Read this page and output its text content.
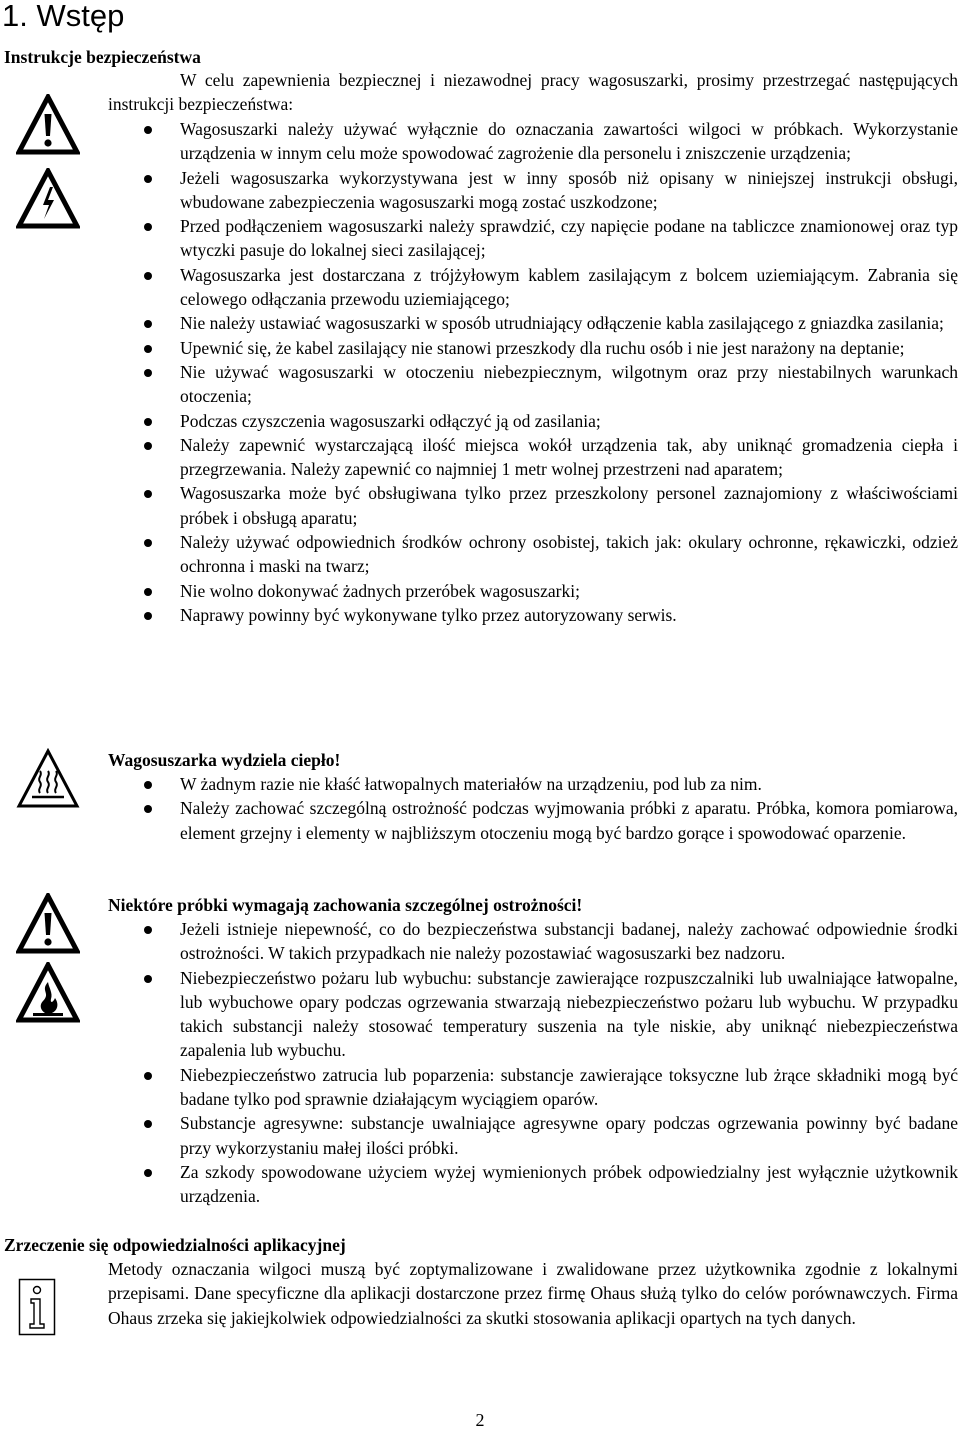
1. Wstęp
Instrukcje bezpieczeństwa

W celu zapewnienia bezpiecznej i niezawodnej pracy wagosuszarki, prosimy przestrzegać następujących instrukcji bezpieczeństwa:

Wagosuszarki należy używać wyłącznie do oznaczania zawartości wilgoci w próbkach. Wykorzystanie urządzenia w innym celu może spowodować zagrożenie dla personelu i zniszczenie urządzenia;
Jeżeli wagosuszarka wykorzystywana jest w inny sposób niż opisany w niniejszej instrukcji obsługi, wbudowane zabezpieczenia wagosuszarki mogą zostać uszkodzone;
Przed podłączeniem wagosuszarki należy sprawdzić, czy napięcie podane na tabliczce znamionowej oraz typ wtyczki pasuje do lokalnej sieci zasilającej;
Wagosuszarka jest dostarczana z trójżyłowym kablem zasilającym z bolcem uziemiającym. Zabrania się celowego odłączania przewodu uziemiającego;
Nie należy ustawiać wagosuszarki w sposób utrudniający odłączenie kabla zasilającego z gniazdka zasilania;
Upewnić się, że kabel zasilający nie stanowi przeszkody dla ruchu osób i nie jest narażony na deptanie;
Nie używać wagosuszarki w otoczeniu niebezpiecznym, wilgotnym oraz przy niestabilnych warunkach otoczenia;
Podczas czyszczenia wagosuszarki odłączyć ją od zasilania;
Należy zapewnić wystarczającą ilość miejsca wokół urządzenia tak, aby uniknąć gromadzenia ciepła i przegrzewania. Należy zapewnić co najmniej 1 metr wolnej przestrzeni nad aparatem;
Wagosuszarka może być obsługiwana tylko przez przeszkolony personel zaznajomiony z właściwościami próbek i obsługą aparatu;
Należy używać odpowiednich środków ochrony osobistej, takich jak: okulary ochronne, rękawiczki, odzież ochronna i maski na twarz;
Nie wolno dokonywać żadnych przeróbek wagosuszarki;
Naprawy powinny być wykonywane tylko przez autoryzowany serwis.
Wagosuszarka wydziela ciepło!
W żadnym razie nie kłaść łatwopalnych materiałów na urządzeniu, pod lub za nim.
Należy zachować szczególną ostrożność podczas wyjmowania próbki z aparatu. Próbka, komora pomiarowa, element grzejny i elementy w najbliższym otoczeniu mogą być bardzo gorące i spowodować oparzenie.
Niektóre próbki wymagają zachowania szczególnej ostrożności!
Jeżeli istnieje niepewność, co do bezpieczeństwa substancji badanej, należy zachować odpowiednie środki ostrożności. W takich przypadkach nie należy pozostawiać wagosuszarki bez nadzoru.
Niebezpieczeństwo pożaru lub wybuchu: substancje zawierające rozpuszczalniki lub uwalniające łatwopalne, lub wybuchowe opary podczas ogrzewania stwarzają niebezpieczeństwo pożaru lub wybuchu. W przypadku takich substancji należy stosować temperatury suszenia na tyle niskie, aby uniknąć niebezpieczeństwa zapalenia lub wybuchu.
Niebezpieczeństwo zatrucia lub poparzenia: substancje zawierające toksyczne lub żrące składniki mogą być badane tylko pod sprawnie działającym wyciągiem oparów.
Substancje agresywne: substancje uwalniające agresywne opary podczas ogrzewania powinny być badane przy wykorzystaniu małej ilości próbki.
Za szkody spowodowane użyciem wyżej wymienionych próbek odpowiedzialny jest wyłącznie użytkownik urządzenia.
Zrzeczenie się odpowiedzialności aplikacyjnej

Metody oznaczania wilgoci muszą być zoptymalizowane i zwalidowane przez użytkownika zgodnie z lokalnymi przepisami. Dane specyficzne dla aplikacji dostarczone przez firmę Ohaus służą tylko do celów porównawczych. Firma Ohaus zrzeka się jakiejkolwiek odpowiedzialności za skutki stosowania aplikacji opartych na tych danych.

2
